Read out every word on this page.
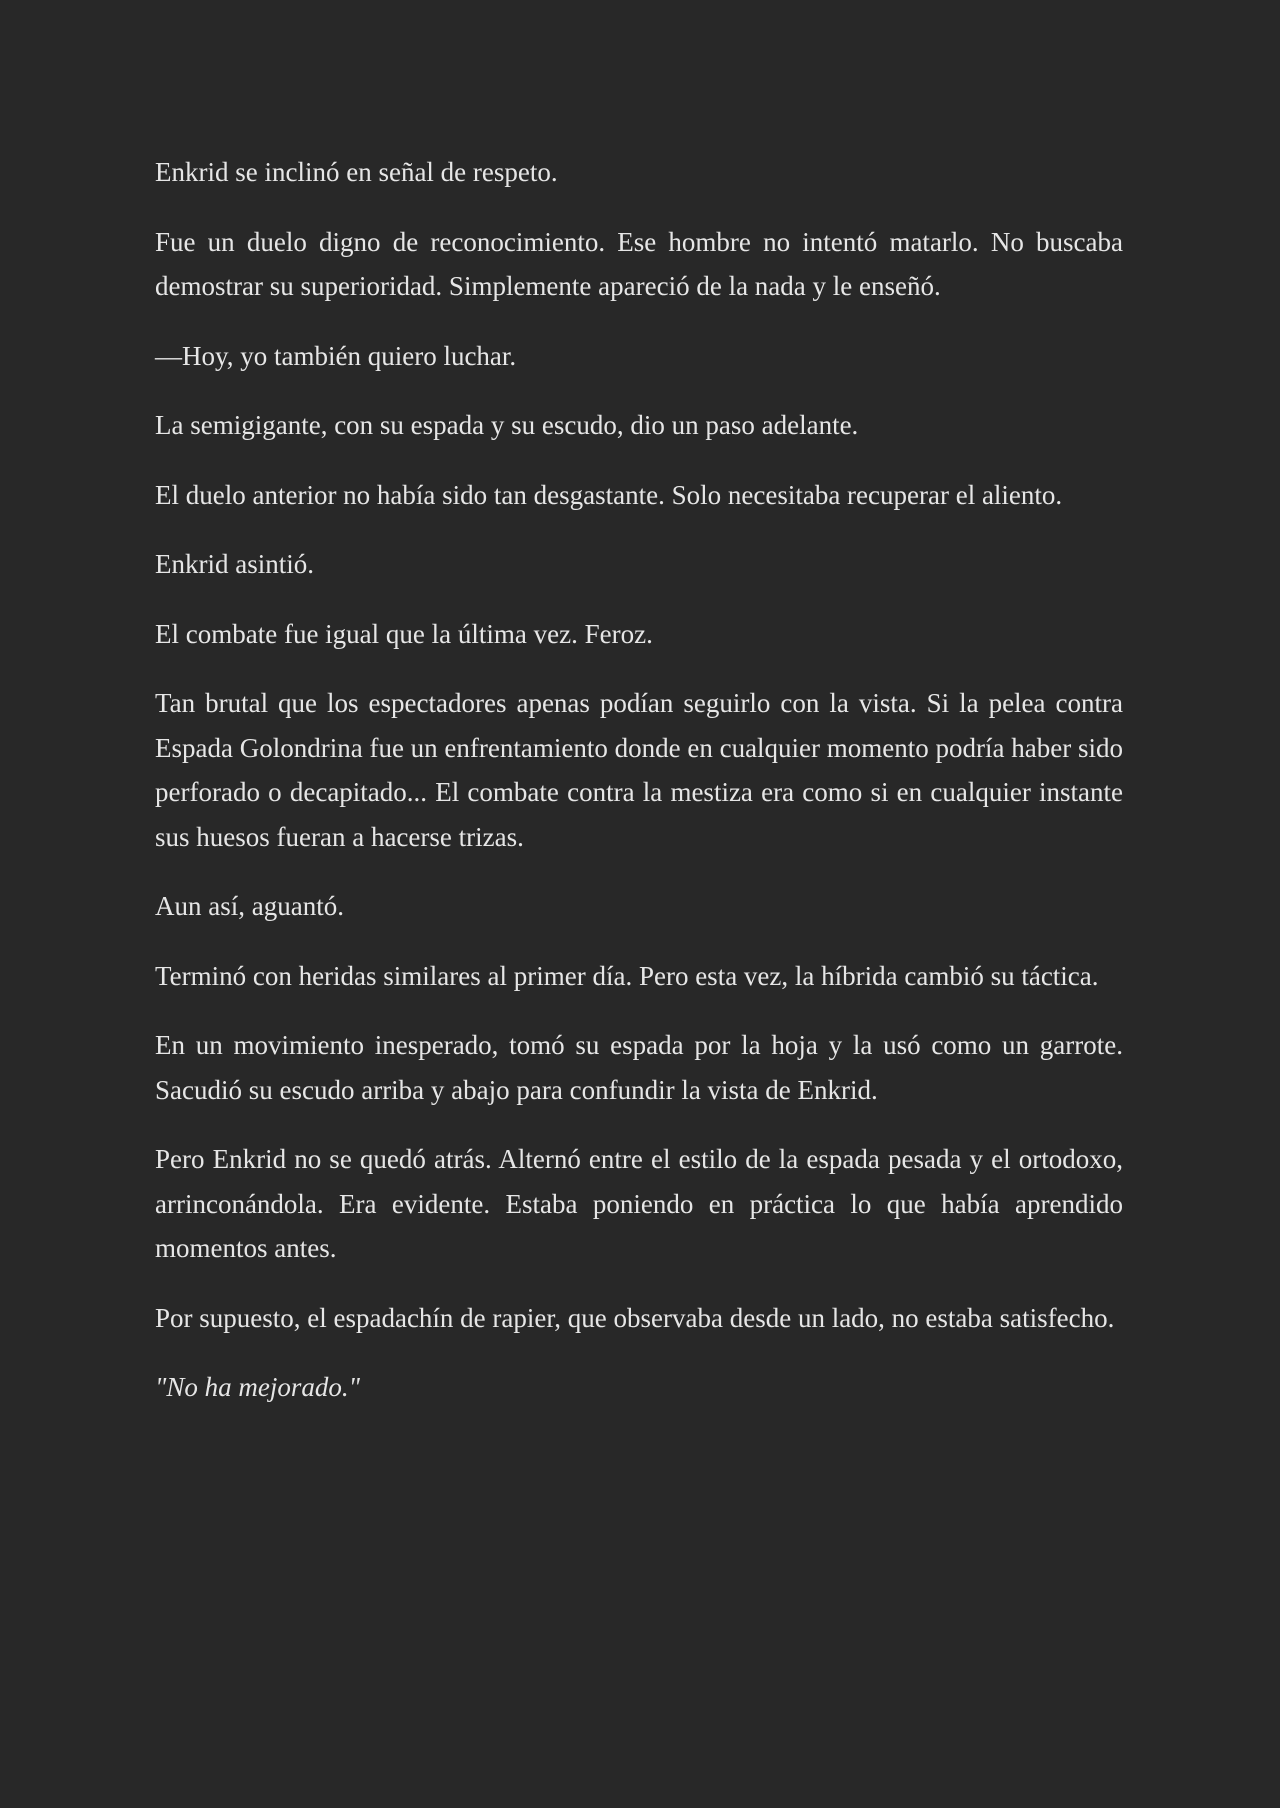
Enkrid se inclinó en señal de respeto.

Fue un duelo digno de reconocimiento. Ese hombre no intentó matarlo. No buscaba demostrar su superioridad. Simplemente apareció de la nada y le enseñó.

—Hoy, yo también quiero luchar.

La semigigante, con su espada y su escudo, dio un paso adelante.

El duelo anterior no había sido tan desgastante. Solo necesitaba recuperar el aliento.

Enkrid asintió.

El combate fue igual que la última vez. Feroz.

Tan brutal que los espectadores apenas podían seguirlo con la vista. Si la pelea contra Espada Golondrina fue un enfrentamiento donde en cualquier momento podría haber sido perforado o decapitado... El combate contra la mestiza era como si en cualquier instante sus huesos fueran a hacerse trizas.

Aun así, aguantó.

Terminó con heridas similares al primer día. Pero esta vez, la híbrida cambió su táctica.

En un movimiento inesperado, tomó su espada por la hoja y la usó como un garrote. Sacudió su escudo arriba y abajo para confundir la vista de Enkrid.

Pero Enkrid no se quedó atrás. Alternó entre el estilo de la espada pesada y el ortodoxo, arrinconándola. Era evidente. Estaba poniendo en práctica lo que había aprendido momentos antes.

Por supuesto, el espadachín de rapier, que observaba desde un lado, no estaba satisfecho.

"No ha mejorado."
